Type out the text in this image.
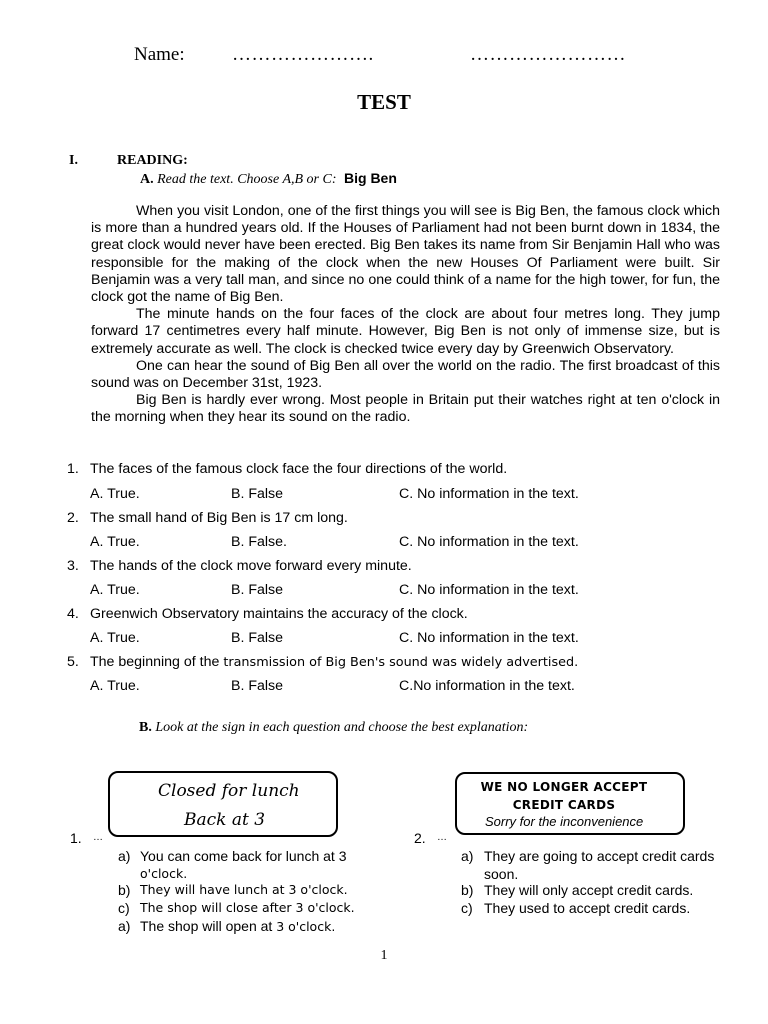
Name: ………………….	……………………
TEST
I.	READING:
A. Read the text. Choose A,B or C: Big Ben

When you visit London, one of the first things you will see is Big Ben, the famous clock which is more than a hundred years old. If the Houses of Parliament had not been burnt down in 1834, the great clock would never have been erected. Big Ben takes its name from Sir Benjamin Hall who was responsible for the making of the clock when the new Houses Of Parliament were built. Sir Benjamin was a very tall man, and since no one could think of a name for the high tower, for fun, the clock got the name of Big Ben.

The minute hands on the four faces of the clock are about four metres long. They jump forward 17 centimetres every half minute. However, Big Ben is not only of immense size, but is extremely accurate as well. The clock is checked twice every day by Greenwich Observatory.

One can hear the sound of Big Ben all over the world on the radio. The first broadcast of this sound was on December 31st, 1923.

Big Ben is hardly ever wrong. Most people in Britain put their watches right at ten o'clock in the morning when they hear its sound on the radio.

1. The faces of the famous clock face the four directions of the world.
A. True.	B. False	C. No information in the text.
2. The small hand of Big Ben is 17 cm long.
A. True.	B. False.	C. No information in the text.
3. The hands of the clock move forward every minute.
A. True.	B. False	C. No information in the text.
4. Greenwich Observatory maintains the accuracy of the clock.
A. True.	B. False	C. No information in the text.
5. The beginning of the transmission of Big Ben's sound was widely advertised.
A. True.	B. False	C.No information in the text.
B. Look at the sign in each question and choose the best explanation:
Closed for lunch
Back at 3
1. …
a) You can come back for lunch at 3
o'clock.
b) They will have lunch at 3 o'clock.
c) The shop will close after 3 o'clock.
a) The shop will open at 3 o'clock.
WE NO LONGER ACCEPT
CREDIT CARDS
Sorry for the inconvenience
2. …
a) They are going to accept credit cards
soon.
b) They will only accept credit cards.
c) They used to accept credit cards.
1
